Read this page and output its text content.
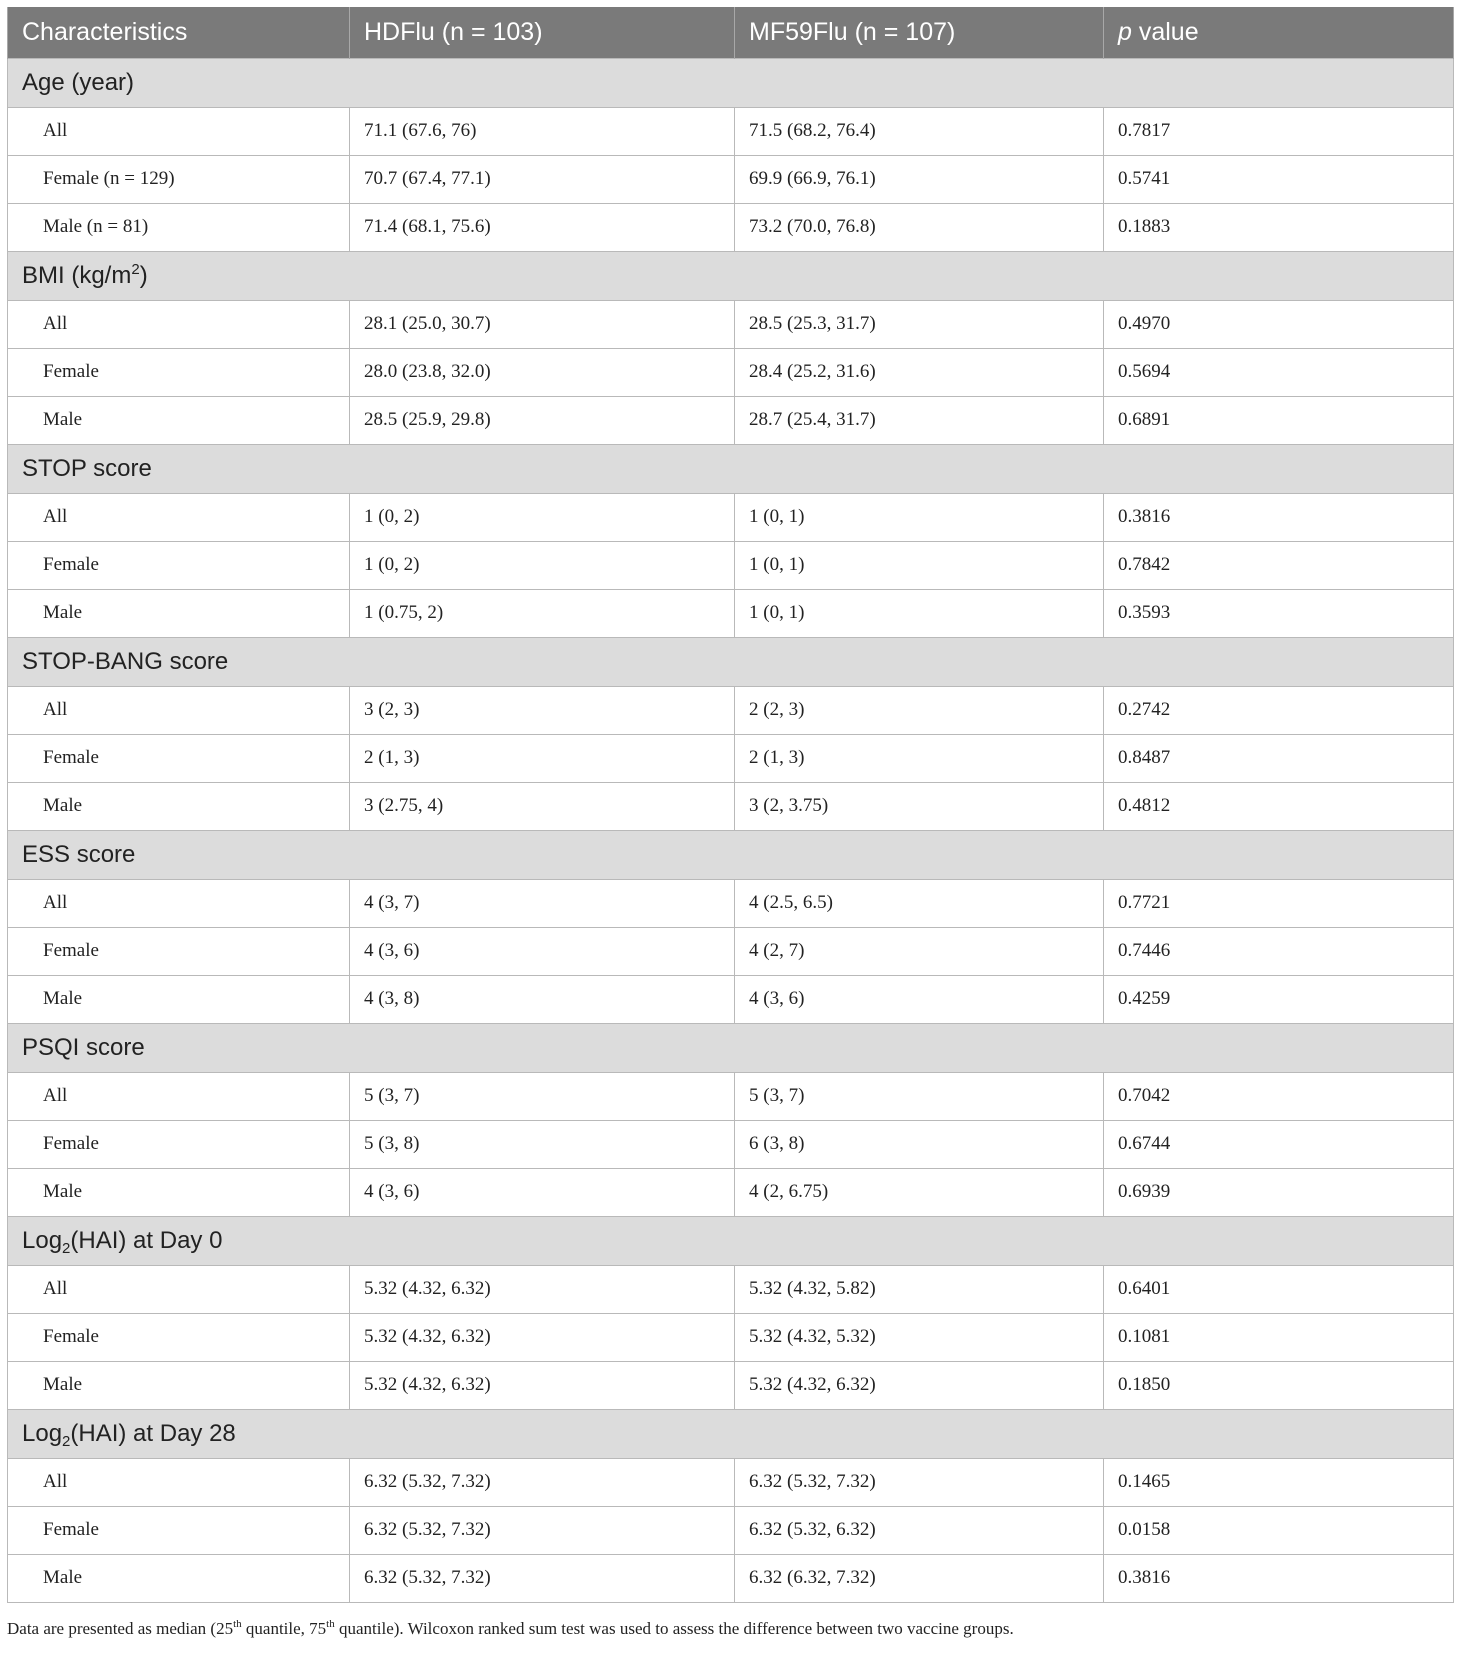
Characteristics	HDFlu (n = 103)	MF59Flu (n = 107)	p value
Age (year)			
All	71.1 (67.6, 76)	71.5 (68.2, 76.4)	0.7817
Female (n = 129)	70.7 (67.4, 77.1)	69.9 (66.9, 76.1)	0.5741
Male (n = 81)	71.4 (68.1, 75.6)	73.2 (70.0, 76.8)	0.1883
BMI $(kg/m^2)$			
All	28.1 (25.0, 30.7)	28.5 (25.3, 31.7)	0.4970
Female	28.0 (23.8, 32.0)	28.4 (25.2, 31.6)	0.5694
Male	28.5 (25.9, 29.8)	28.7 (25.4, 31.7)	0.6891
STOP score			
All	1 (0, 2)	1 (0, 1)	0.3816
Female	1 (0, 2)	1 (0, 1)	0.7842
Male	1 (0.75, 2)	1 (0, 1)	0.3593
STOP-BANG score			
All	3 (2, 3)	2 (2, 3)	0.2742
Female	2 (1, 3)	2 (1, 3)	0.8487
Male	3 (2.75, 4)	3 (2, 3.75)	0.4812
ESS score			
All	4 (3, 7)	4 (2.5, 6.5)	0.7721
Female	4 (3, 6)	4 (2, 7)	0.7446
Male	4 (3, 8)	4 (3, 6)	0.4259
PSQI score			
All	5 (3, 7)	5 (3, 7)	0.7042
Female	5 (3, 8)	6 (3, 8)	0.6744
Male	4 (3, 6)	4 (2, 6.75)	0.6939
Log$_2$(HAI) at Day 0			
All	5.32 (4.32, 6.32)	5.32 (4.32, 5.82)	0.6401
Female	5.32 (4.32, 6.32)	5.32 (4.32, 5.32)	0.1081
Male	5.32 (4.32, 6.32)	5.32 (4.32, 6.32)	0.1850
Log$_2$(HAI) at Day 28			
All	6.32 (5.32, 7.32)	6.32 (5.32, 7.32)	0.1465
Female	6.32 (5.32, 7.32)	6.32 (5.32, 6.32)	0.0158
Male	6.32 (5.32, 7.32)	6.32 (6.32, 7.32)	0.3816
Data are presented as median (25th quantile, 75th quantile). Wilcoxon ranked sum test was used to assess the difference between two vaccine groups.
